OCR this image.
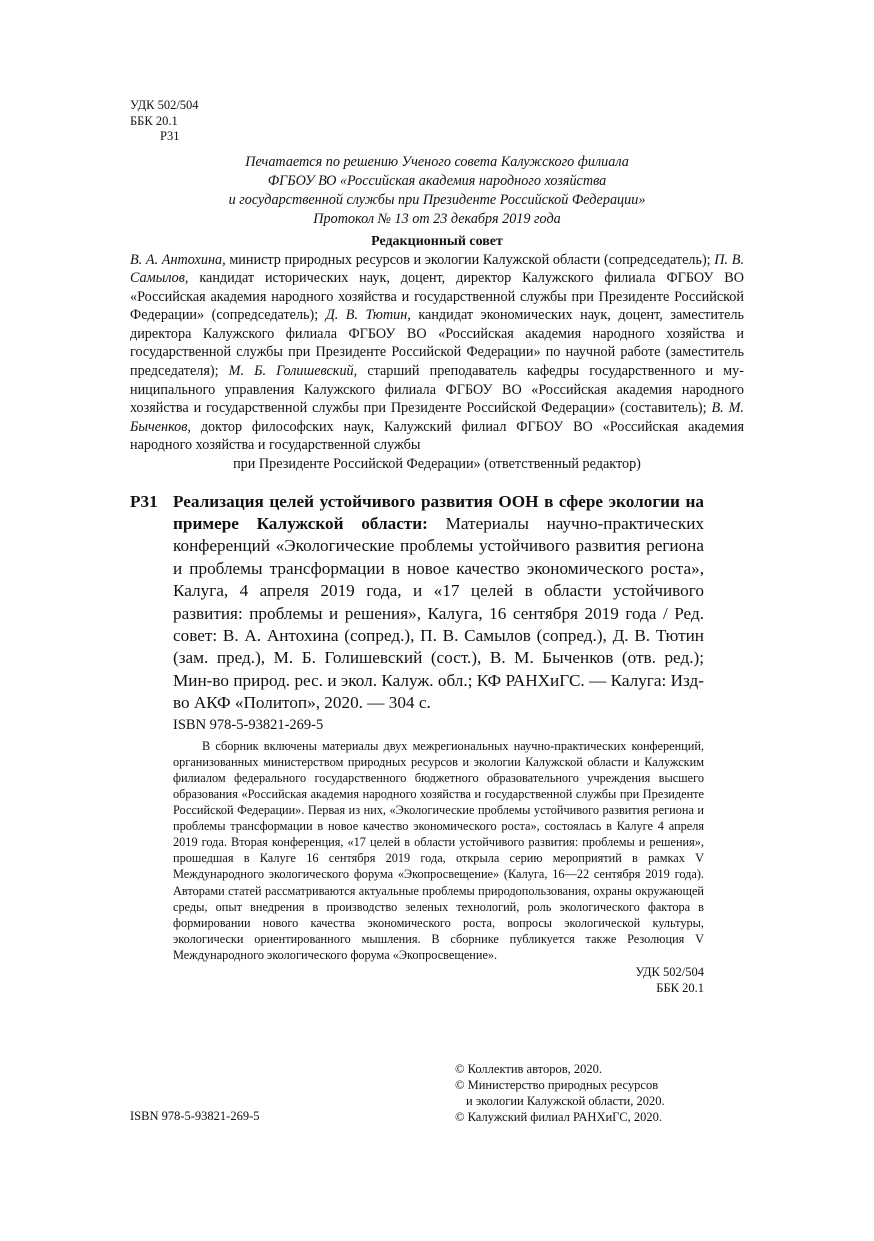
УДК 502/504
ББК 20.1
Р31
Печатается по решению Ученого совета Калужского филиала
ФГБОУ ВО «Российская академия народного хозяйства
и государственной службы при Президенте Российской Федерации»
Протокол № 13 от 23 декабря 2019 года
Редакционный совет
В. А. Антохина, министр природных ресурсов и экологии Калужской области (сопредседатель); П. В. Самылов, кандидат исторических наук, доцент, директор Калужского филиала ФГБОУ ВО «Российская академия народного хозяйства и государственной службы при Президенте Российской Федерации» (сопредседатель); Д. В. Тютин, кандидат экономических наук, доцент, заместитель директора Калужского филиала ФГБОУ ВО «Российская академия народного хозяйства и государственной службы при Президенте Российской Федерации» по научной работе (заместитель председателя); М. Б. Голишевский, старший преподаватель кафедры государственного и муниципального управления Калужского филиала ФГБОУ ВО «Российская академия народного хозяйства и государственной службы при Президенте Российской Федерации» (составитель); В. М. Быченков, доктор философских наук, Калужский филиал ФГБОУ ВО «Российская академия народного хозяйства и государственной службы
при Президенте Российской Федерации» (ответственный редактор)
Р31 Реализация целей устойчивого развития ООН в сфере экологии на примере Калужской области: Материалы научно-практических конференций «Экологические проблемы устойчивого развития региона и проблемы трансформации в новое качество экономического роста», Калуга, 4 апреля 2019 года, и «17 целей в области устойчивого развития: проблемы и решения», Калуга, 16 сентября 2019 года / Ред. совет: В. А. Антохина (сопред.), П. В. Самылов (сопред.), Д. В. Тютин (зам. пред.), М. Б. Голишевский (сост.), В. М. Быченков (отв. ред.); Мин-во природ. рес. и экол. Калуж. обл.; КФ РАНХиГС. — Калуга: Изд-во АКФ «Политоп», 2020. — 304 с.
ISBN 978-5-93821-269-5

В сборник включены материалы двух межрегиональных научно-практических конференций, организованных министерством природных ресурсов и экологии Калужской области и Калужским филиалом федерального государственного бюджетного образовательного учреждения высшего образования «Российская академия народного хозяйства и государственной службы при Президенте Российской Федерации». Первая из них, «Экологические проблемы устойчивого развития региона и проблемы трансформации в новое качество экономического роста», состоялась в Калуге 4 апреля 2019 года. Вторая конференция, «17 целей в области устойчивого развития: проблемы и решения», прошедшая в Калуге 16 сентября 2019 года, открыла серию мероприятий в рамках V Международного экологического форума «Экопросвещение» (Калуга, 16—22 сентября 2019 года). Авторами статей рассматриваются актуальные проблемы природопользования, охраны окружающей среды, опыт внедрения в производство зеленых технологий, роль экологического фактора в формировании нового качества экономического роста, вопросы экологической культуры, экологически ориентированного мышления. В сборнике публикуется также Резолюция V Международного экологического форума «Экопросвещение».

УДК 502/504
ББК 20.1
© Коллектив авторов, 2020.
© Министерство природных ресурсов
и экологии Калужской области, 2020.
© Калужский филиал РАНХиГС, 2020.
ISBN 978-5-93821-269-5
